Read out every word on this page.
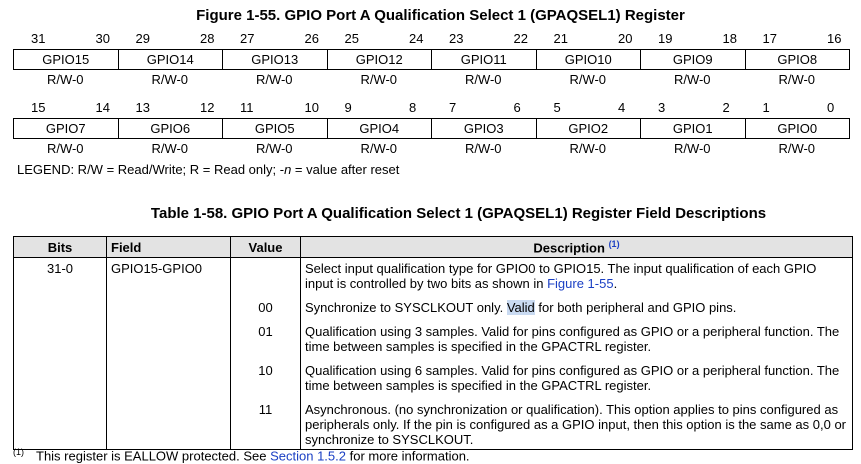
Figure 1-55. GPIO Port A Qualification Select 1 (GPAQSEL1) Register
31	30 29	28 27	26 25	24 23	22 21	20 19	18 17	16
GPIO15	GPIO14	GPIO13	GPIO12	GPIO11	GPIO10	GPIO9	GPIO8
R/W-0	R/W-0	R/W-0	R/W-0	R/W-0	R/W-0	R/W-0	R/W-0
15	14 13	12 11	10 9	8	7	6	5	4	3	2	1	0
GPIO7	GPIO6	GPIO5	GPIO4	GPIO3	GPIO2	GPIO1	GPIO0
R/W-0	R/W-0	R/W-0	R/W-0	R/W-0	R/W-0	R/W-0	R/W-0
LEGEND: R/W = Read/Write; R = Read only; -n = value after reset
Table 1-58. GPIO Port A Qualification Select 1 (GPAQSEL1) Register Field Descriptions
Bits	Field	Value	Description $^{(1)}$
31-0	GPIO15-GPIO0		Select input qualification type for GPIO0 to GPIO15. The input qualification of each GPIO input is controlled by two bits as shown in Figure 1-55.
		00	Synchronize to SYSCLKOUT only. Valid for both peripheral and GPIO pins.
		01	Qualification using 3 samples. Valid for pins configured as GPIO or a peripheral function. The time between samples is specified in the GPACTRL register.
		10	Qualification using 6 samples. Valid for pins configured as GPIO or a peripheral function. The time between samples is specified in the GPACTRL register.
		11	Asynchronous. (no synchronization or qualification). This option applies to pins configured as peripherals only. If the pin is configured as a GPIO input, then this option is the same as 0,0 or synchronize to SYSCLKOUT.
$^{(1)}$ This register is EALLOW protected. See Section 1.5.2 for more information.
